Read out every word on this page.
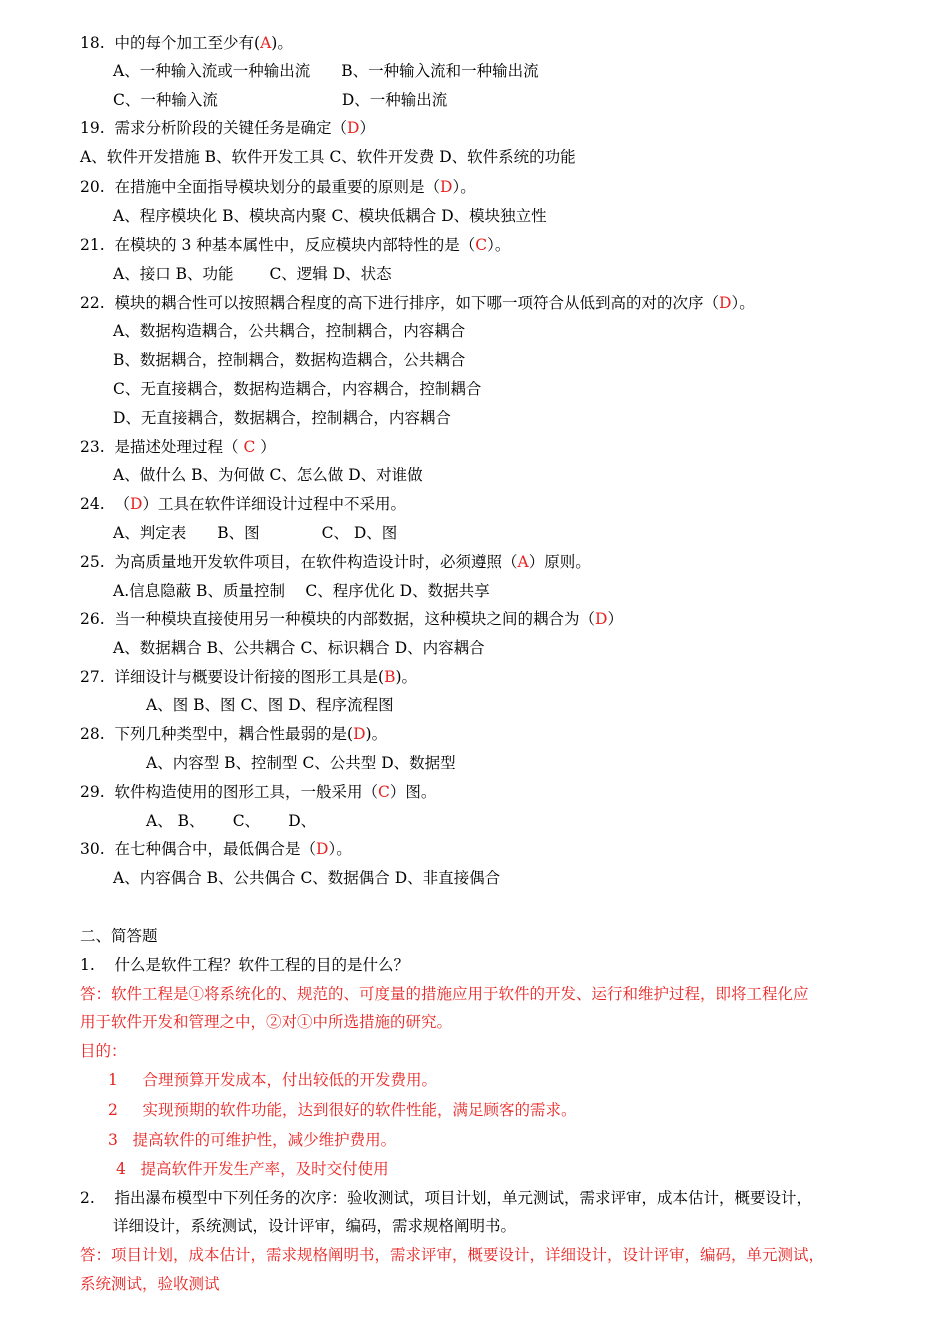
18. 中的每个加工至少有(A)。
A、一种输入流或一种输出流　　B、一种输入流和一种输出流
C、一种输入流　　　　　　　　D、一种输出流
19. 需求分析阶段的关键任务是确定（D）
A、软件开发措施 B、软件开发工具 C、软件开发费 D、软件系统的功能
20. 在措施中全面指导模块划分的最重要的原则是（D）。
A、程序模块化 B、模块高内聚 C、模块低耦合 D、模块独立性
21. 在模块的 3 种基本属性中，反应模块内部特性的是（C）。
A、接口 B、功能　　 C、逻辑 D、状态
22. 模块的耦合性可以按照耦合程度的高下进行排序，如下哪一项符合从低到高的对的次序（D）。
A、数据构造耦合，公共耦合，控制耦合，内容耦合
B、数据耦合，控制耦合，数据构造耦合，公共耦合
C、无直接耦合，数据构造耦合，内容耦合，控制耦合
D、无直接耦合，数据耦合，控制耦合，内容耦合
23. 是描述处理过程（ C ）
A、做什么 B、为何做 C、怎么做 D、对谁做
24. （D）工具在软件详细设计过程中不采用。
A、判定表　　B、图　　　　C、 D、图
25. 为高质量地开发软件项目，在软件构造设计时，必须遵照（A）原则。
A.信息隐蔽 B、质量控制　 C、程序优化 D、数据共享
26. 当一种模块直接使用另一种模块的内部数据，这种模块之间的耦合为（D）
A、数据耦合 B、公共耦合 C、标识耦合 D、内容耦合
27. 详细设计与概要设计衔接的图形工具是(B)。
A、图 B、图 C、图 D、程序流程图
28. 下列几种类型中，耦合性最弱的是(D)。
A、内容型 B、控制型 C、公共型 D、数据型
29. 软件构造使用的图形工具，一般采用（C）图。
A、 B、　　 C、　　 D、
30. 在七种偶合中，最低偶合是（D）。
A、内容偶合 B、公共偶合 C、数据偶合 D、非直接偶合
二、简答题
1. 什么是软件工程？软件工程的目的是什么？
答：软件工程是①将系统化的、规范的、可度量的措施应用于软件的开发、运行和维护过程，即将工程化应
用于软件开发和管理之中，②对①中所选措施的研究。
目的：
1 合理预算开发成本，付出较低的开发费用。
2 实现预期的软件功能，达到很好的软件性能，满足顾客的需求。
3 提高软件的可维护性，减少维护费用。
4 提高软件开发生产率，及时交付使用
2. 指出瀑布模型中下列任务的次序：验收测试，项目计划，单元测试，需求评审，成本估计，概要设计，
详细设计，系统测试，设计评审，编码，需求规格阐明书。
答：项目计划，成本估计，需求规格阐明书，需求评审，概要设计，详细设计，设计评审，编码，单元测试，
系统测试，验收测试
